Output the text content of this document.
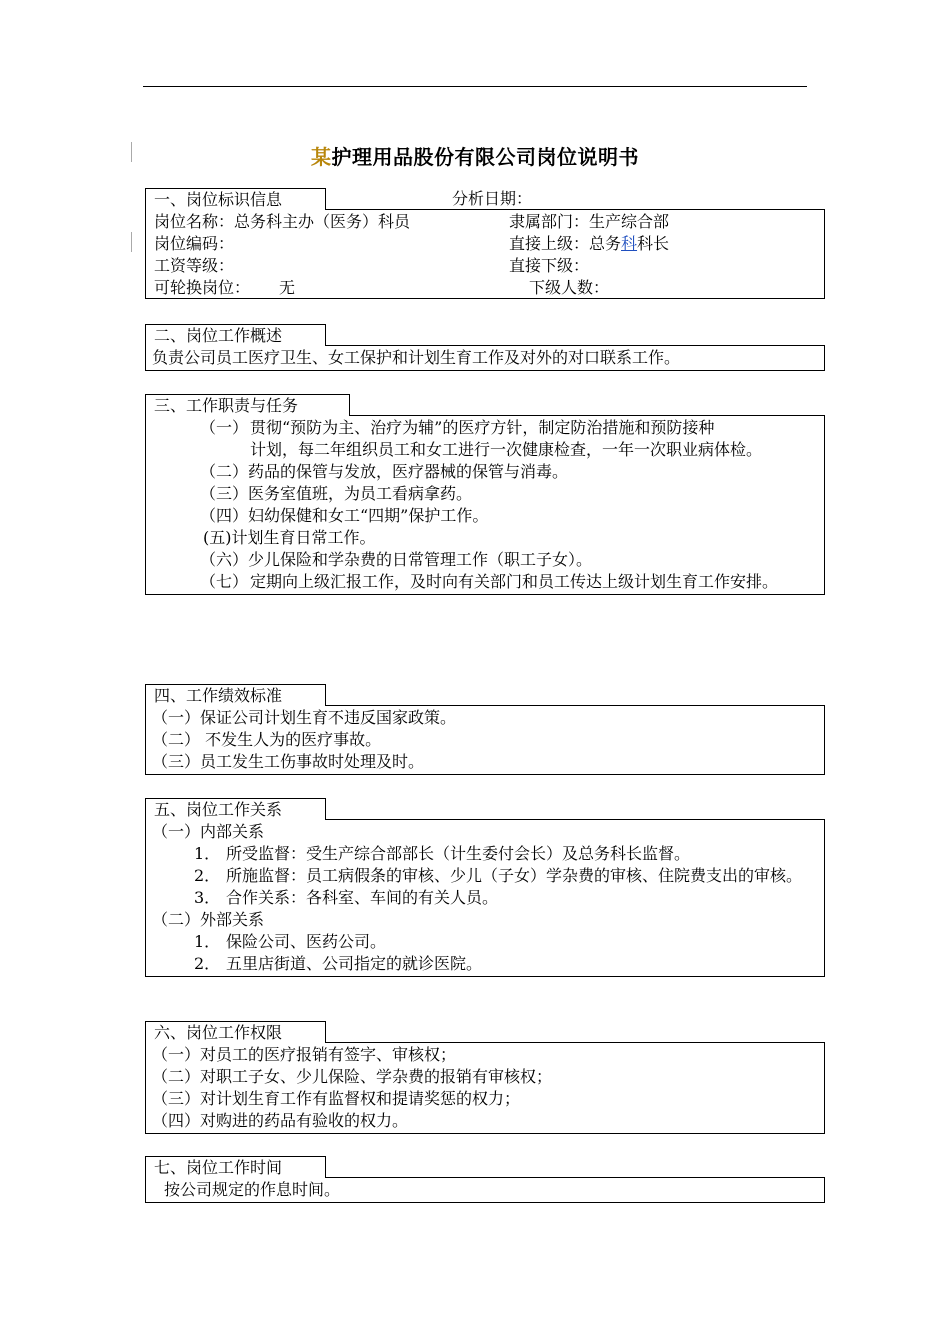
某护理用品股份有限公司岗位说明书
一、岗位标识信息	分析日期：
岗位名称：总务科主办（医务）科员	隶属部门：生产综合部
岗位编码：	直接上级：总务科科长
工资等级：	直接下级：
可轮换岗位： 无	下级人数：
二、岗位工作概述
负责公司员工医疗卫生、女工保护和计划生育工作及对外的对口联系工作。
三、工作职责与任务
（一） 贯彻“预防为主、治疗为辅”的医疗方针，制定防治措施和预防接种
计划，每二年组织员工和女工进行一次健康检查，一年一次职业病体检。
（二）药品的保管与发放，医疗器械的保管与消毒。
（三）医务室值班，为员工看病拿药。
（四）妇幼保健和女工“四期”保护工作。
(五)计划生育日常工作。
（六）少儿保险和学杂费的日常管理工作（职工子女）。
（七） 定期向上级汇报工作，及时向有关部门和员工传达上级计划生育工作安排。
四、工作绩效标准
（一）保证公司计划生育不违反国家政策。
（二） 不发生人为的医疗事故。
（三）员工发生工伤事故时处理及时。
五、岗位工作关系
（一）内部关系
1． 所受监督：受生产综合部部长（计生委付会长）及总务科长监督。
2． 所施监督：员工病假条的审核、少儿（子女）学杂费的审核、住院费支出的审核。
3． 合作关系：各科室、车间的有关人员。
（二）外部关系
1． 保险公司、医药公司。
2． 五里店街道、公司指定的就诊医院。
六、岗位工作权限
（一）对员工的医疗报销有签字、审核权；
（二）对职工子女、少儿保险、学杂费的报销有审核权；
（三）对计划生育工作有监督权和提请奖惩的权力；
（四）对购进的药品有验收的权力。
七、岗位工作时间
按公司规定的作息时间。
